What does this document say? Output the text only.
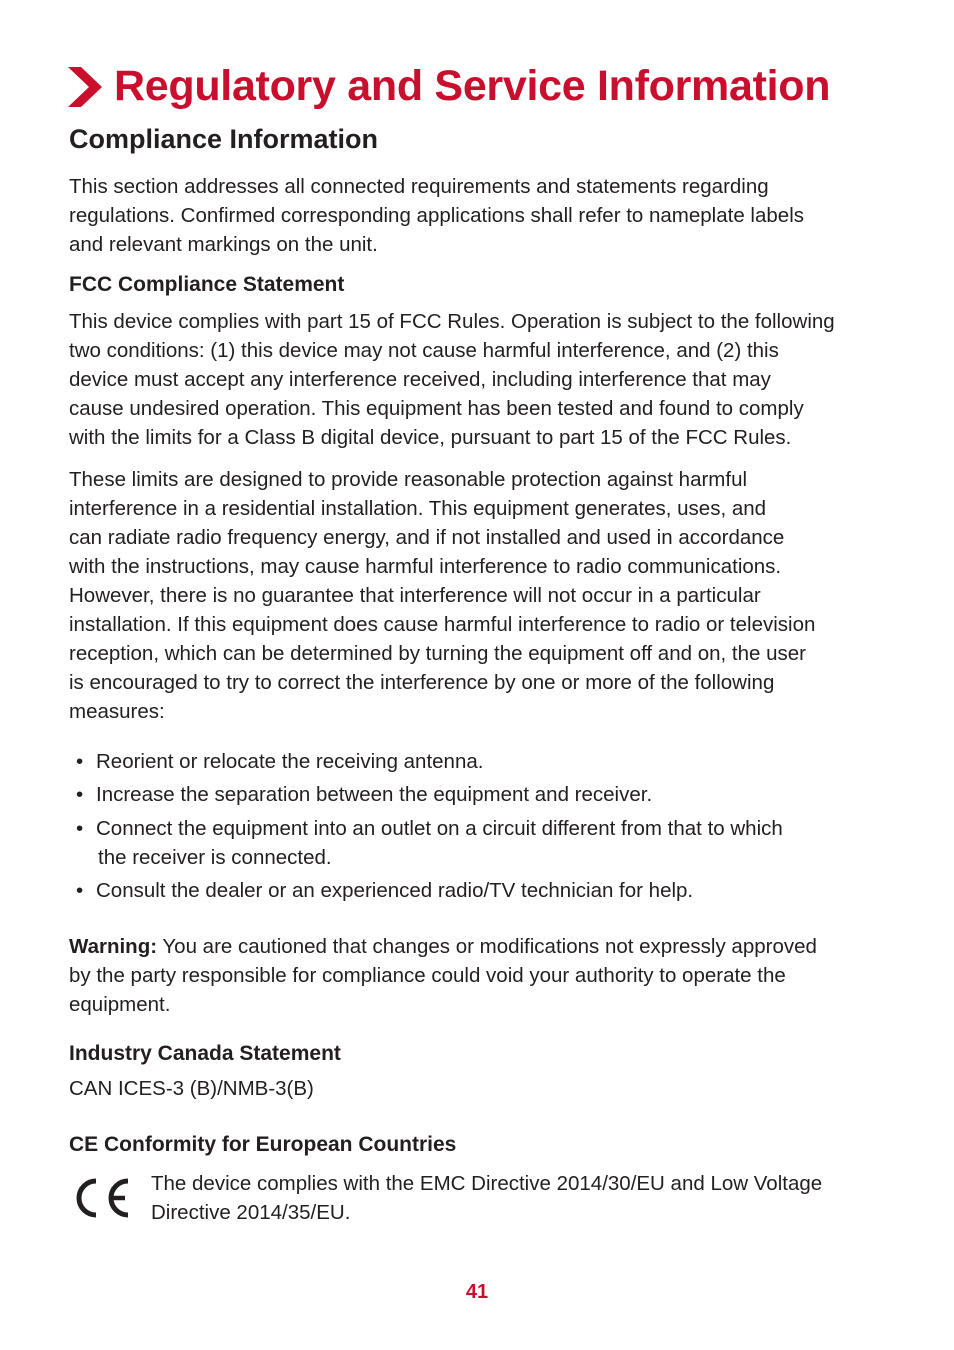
Regulatory and Service Information
Compliance Information
This section addresses all connected requirements and statements regarding
regulations. Confirmed corresponding applications shall refer to nameplate labels
and relevant markings on the unit.
FCC Compliance Statement
This device complies with part 15 of FCC Rules. Operation is subject to the following
two conditions: (1) this device may not cause harmful interference, and (2) this
device must accept any interference received, including interference that may
cause undesired operation. This equipment has been tested and found to comply
with the limits for a Class B digital device, pursuant to part 15 of the FCC Rules.
These limits are designed to provide reasonable protection against harmful
interference in a residential installation. This equipment generates, uses, and
can radiate radio frequency energy, and if not installed and used in accordance
with the instructions, may cause harmful interference to radio communications.
However, there is no guarantee that interference will not occur in a particular
installation. If this equipment does cause harmful interference to radio or television
reception, which can be determined by turning the equipment off and on, the user
is encouraged to try to correct the interference by one or more of the following
measures:
• Reorient or relocate the receiving antenna.
• Increase the separation between the equipment and receiver.
• Connect the equipment into an outlet on a circuit different from that to which
the receiver is connected.
• Consult the dealer or an experienced radio/TV technician for help.
Warning: You are cautioned that changes or modifications not expressly approved
by the party responsible for compliance could void your authority to operate the
equipment.
Industry Canada Statement
CAN ICES-3 (B)/NMB-3(B)
CE Conformity for European Countries
The device complies with the EMC Directive 2014/30/EU and Low Voltage
Directive 2014/35/EU.
41
